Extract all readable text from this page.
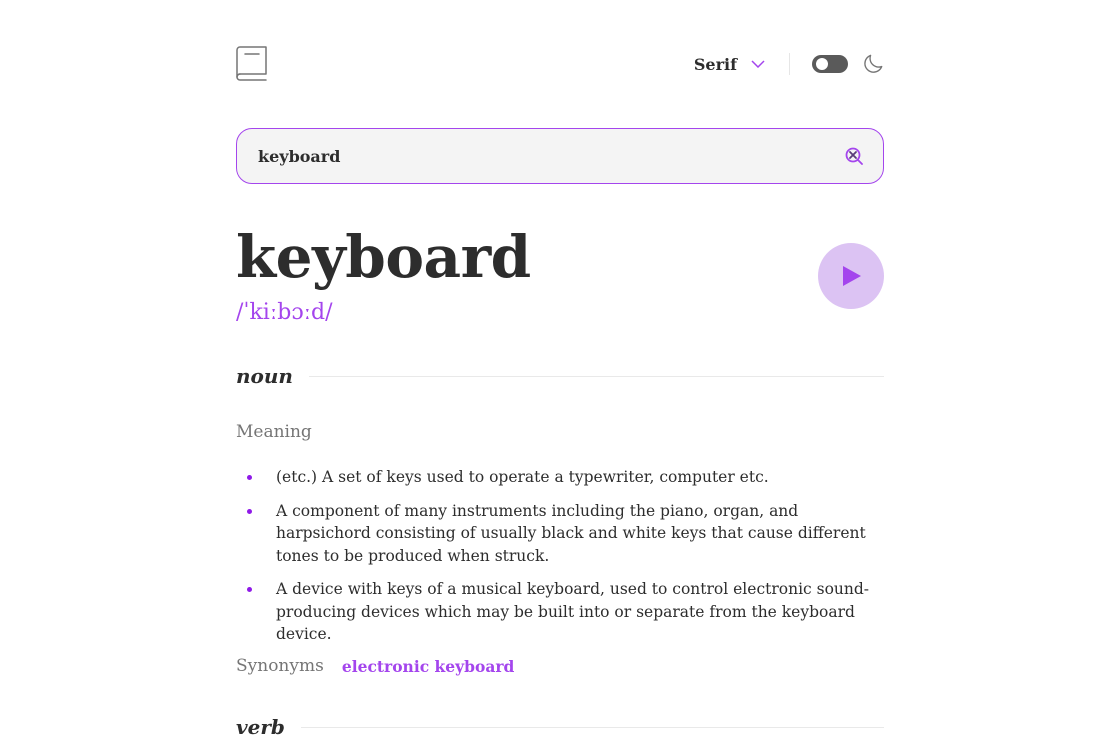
Serif
keyboard
keyboard
/ˈkiːbɔːd/
noun
Meaning
(etc.) A set of keys used to operate a typewriter, computer etc.
A component of many instruments including the piano, organ, and harpsichord consisting of usually black and white keys that cause different tones to be produced when struck.
A device with keys of a musical keyboard, used to control electronic sound-producing devices which may be built into or separate from the keyboard device.
Synonyms electronic keyboard
verb
